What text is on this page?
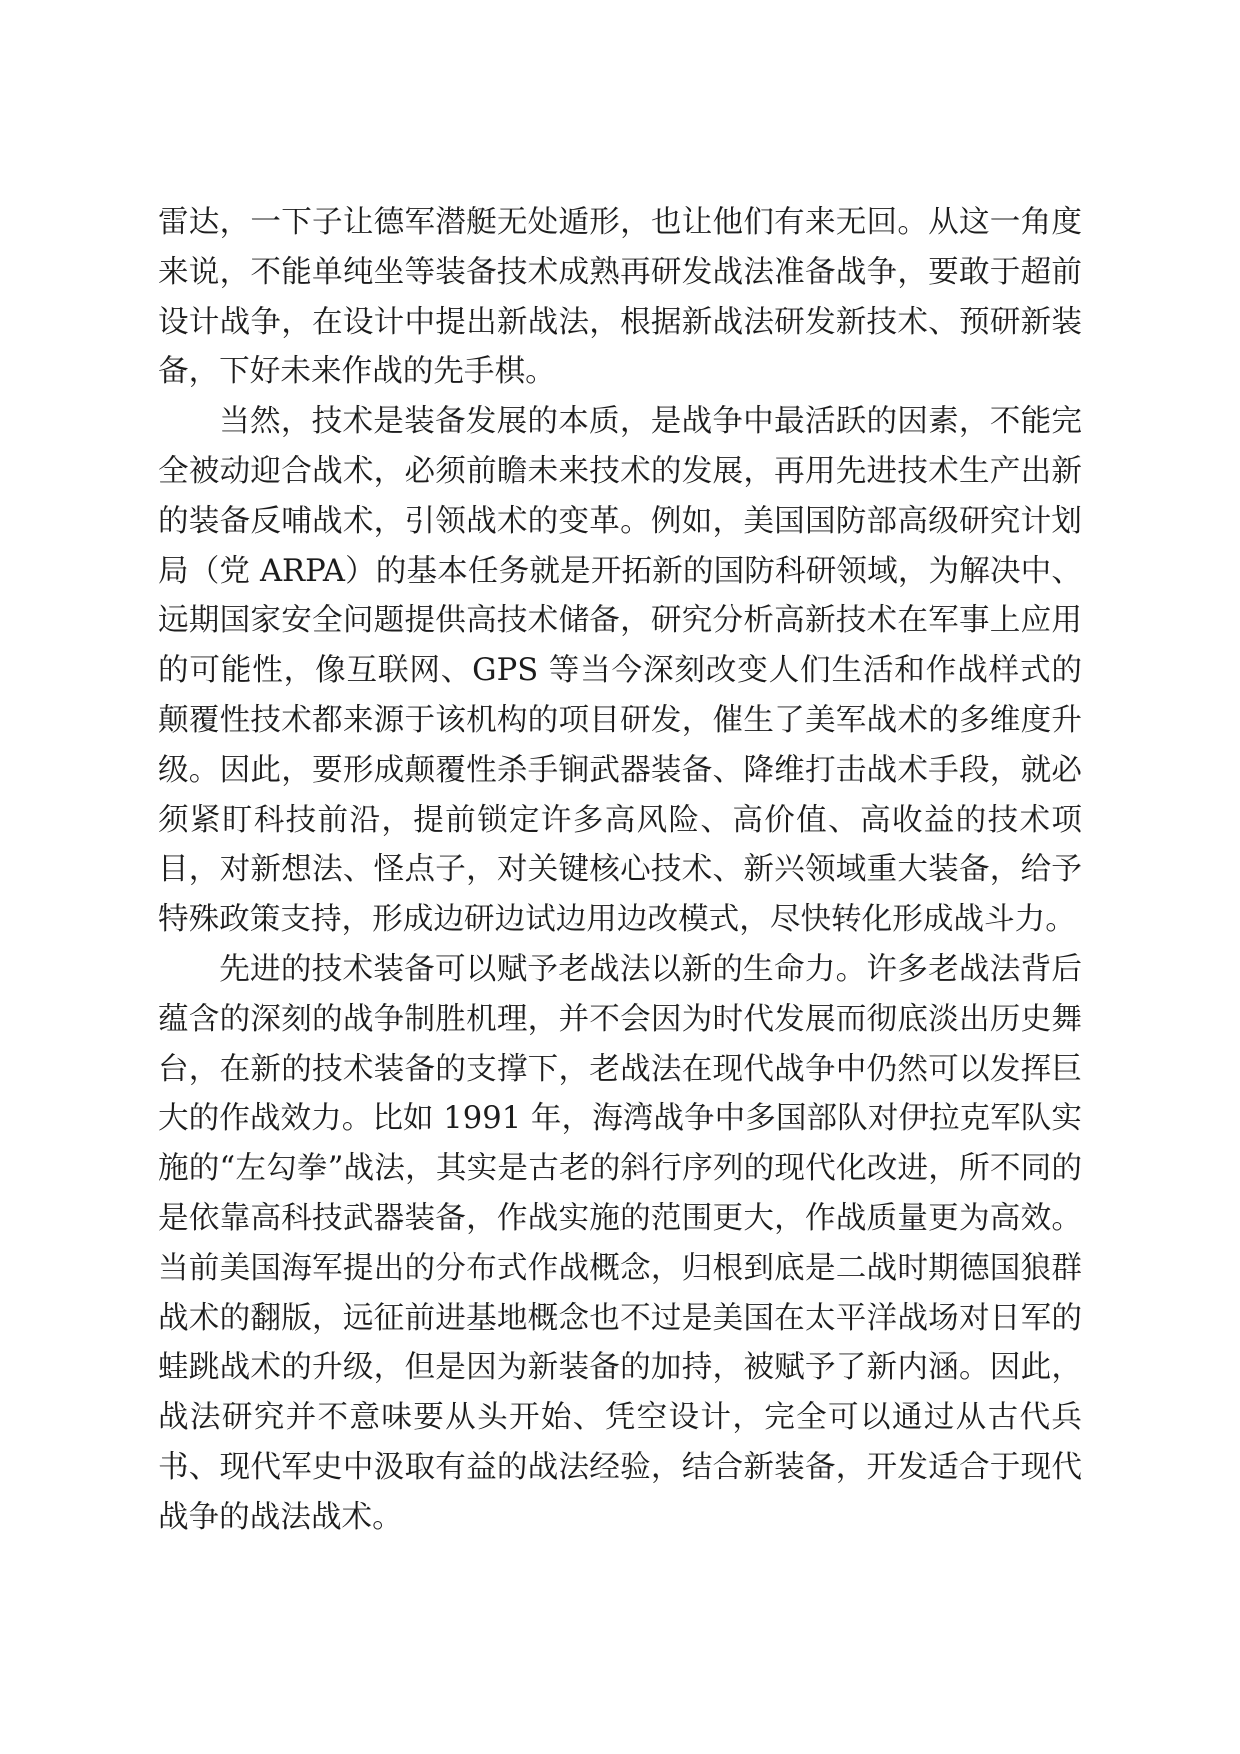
雷达，一下子让德军潜艇无处遁形，也让他们有来无回。从这一角度来说，不能单纯坐等装备技术成熟再研发战法准备战争，要敢于超前设计战争，在设计中提出新战法，根据新战法研发新技术、预研新装备，下好未来作战的先手棋。

当然，技术是装备发展的本质，是战争中最活跃的因素，不能完全被动迎合战术，必须前瞻未来技术的发展，再用先进技术生产出新的装备反哺战术，引领战术的变革。例如，美国国防部高级研究计划局（党 ARPA）的基本任务就是开拓新的国防科研领域，为解决中、远期国家安全问题提供高技术储备，研究分析高新技术在军事上应用的可能性，像互联网、GPS 等当今深刻改变人们生活和作战样式的颠覆性技术都来源于该机构的项目研发，催生了美军战术的多维度升级。因此，要形成颠覆性杀手锏武器装备、降维打击战术手段，就必须紧盯科技前沿，提前锁定许多高风险、高价值、高收益的技术项目，对新想法、怪点子，对关键核心技术、新兴领域重大装备，给予特殊政策支持，形成边研边试边用边改模式，尽快转化形成战斗力。

先进的技术装备可以赋予老战法以新的生命力。许多老战法背后蕴含的深刻的战争制胜机理，并不会因为时代发展而彻底淡出历史舞台，在新的技术装备的支撑下，老战法在现代战争中仍然可以发挥巨大的作战效力。比如 1991 年，海湾战争中多国部队对伊拉克军队实施的“左勾拳”战法，其实是古老的斜行序列的现代化改进，所不同的是依靠高科技武器装备，作战实施的范围更大，作战质量更为高效。当前美国海军提出的分布式作战概念，归根到底是二战时期德国狼群战术的翻版，远征前进基地概念也不过是美国在太平洋战场对日军的蛙跳战术的升级，但是因为新装备的加持，被赋予了新内涵。因此，战法研究并不意味要从头开始、凭空设计，完全可以通过从古代兵书、现代军史中汲取有益的战法经验，结合新装备，开发适合于现代战争的战法战术。
